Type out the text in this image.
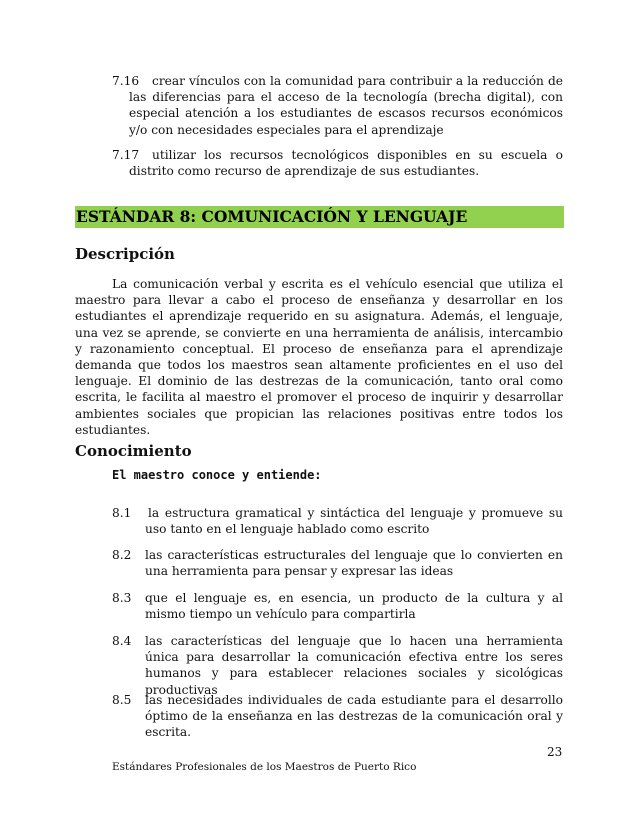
7.16 crear vínculos con la comunidad para contribuir a la reducción de las diferencias para el acceso de la tecnología (brecha digital), con especial atención a los estudiantes de escasos recursos económicos y/o con necesidades especiales para el aprendizaje
7.17 utilizar los recursos tecnológicos disponibles en su escuela o distrito como recurso de aprendizaje de sus estudiantes.
ESTÁNDAR 8: COMUNICACIÓN Y LENGUAJE
Descripción
La comunicación verbal y escrita es el vehículo esencial que utiliza el maestro para llevar a cabo el proceso de enseñanza y desarrollar en los estudiantes el aprendizaje requerido en su asignatura. Además, el lenguaje, una vez se aprende, se convierte en una herramienta de análisis, intercambio y razonamiento conceptual. El proceso de enseñanza para el aprendizaje demanda que todos los maestros sean altamente proficientes en el uso del lenguaje. El dominio de las destrezas de la comunicación, tanto oral como escrita, le facilita al maestro el promover el proceso de inquirir y desarrollar ambientes sociales que propician las relaciones positivas entre todos los estudiantes.
Conocimiento
El maestro conoce y entiende:
8.1	la estructura gramatical y sintáctica del lenguaje y promueve su uso tanto en el lenguaje hablado como escrito
8.2	las características estructurales del lenguaje que lo convierten en una herramienta para pensar y expresar las ideas
8.3	que el lenguaje es, en esencia, un producto de la cultura y al mismo tiempo un vehículo para compartirla
8.4	las características del lenguaje que lo hacen una herramienta única para desarrollar la comunicación efectiva entre los seres humanos y para establecer relaciones sociales y sicológicas productivas
8.5	las necesidades individuales de cada estudiante para el desarrollo óptimo de la enseñanza en las destrezas de la comunicación oral y escrita.
23
Estándares Profesionales de los Maestros de Puerto Rico
